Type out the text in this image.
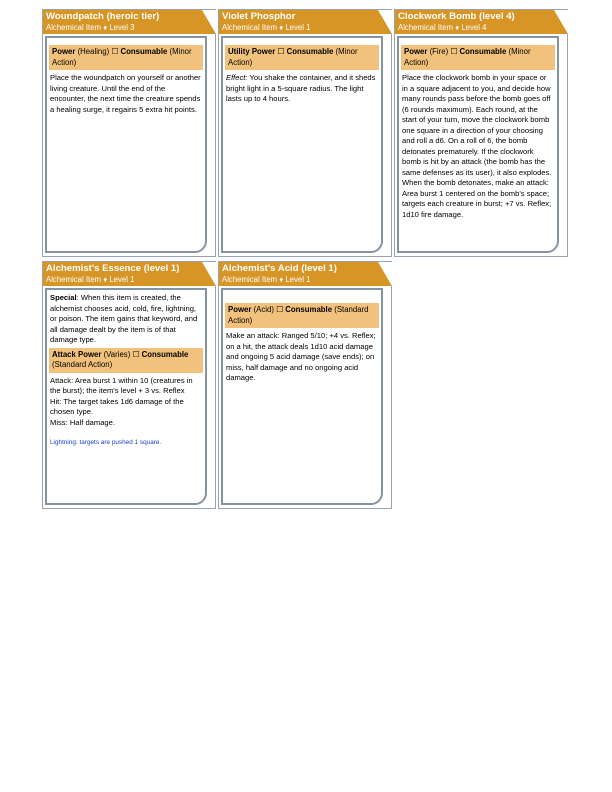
Woundpatch (heroic tier)
Alchemical Item ♦ Level 3
Power (Healing) ☐ Consumable (Minor Action)
Place the woundpatch on yourself or another living creature. Until the end of the encounter, the next time the creature spends a healing surge, it regains 5 extra hit points.
Violet Phosphor
Alchemical Item ♦ Level 1
Utility Power ☐ Consumable (Minor Action)
Effect: You shake the container, and it sheds bright light in a 5-square radius. The light lasts up to 4 hours.
Clockwork Bomb (level 4)
Alchemical Item ♦ Level 4
Power (Fire) ☐ Consumable (Minor Action)
Place the clockwork bomb in your space or in a square adjacent to you, and decide how many rounds pass before the bomb goes off (6 rounds maximum). Each round, at the start of your turn, move the clockwork bomb one square in a direction of your choosing and roll a d6. On a roll of 6, the bomb detonates prematurely. If the clockwork bomb is hit by an attack (the bomb has the same defenses as its user), it also explodes. When the bomb detonates, make an attack: Area burst 1 centered on the bomb's space; targets each creature in burst; +7 vs. Reflex; 1d10 fire damage.
Alchemist's Essence (level 1)
Alchemical Item ♦ Level 1
Special: When this item is created, the alchemist chooses acid, cold, fire, lightning, or poison. The item gains that keyword, and all damage dealt by the item is of that damage type.
Attack Power (Varies) ☐ Consumable (Standard Action)
Attack: Area burst 1 within 10 (creatures in the burst); the item's level + 3 vs. Reflex
Hit: The target takes 1d6 damage of the chosen type.
Miss: Half damage.
Lightning: targets are pushed 1 square.
Alchemist's Acid (level 1)
Alchemical Item ♦ Level 1
Power (Acid) ☐ Consumable (Standard Action)
Make an attack: Ranged 5/10; +4 vs. Reflex; on a hit, the attack deals 1d10 acid damage and ongoing 5 acid damage (save ends); on miss, half damage and no ongoing acid damage.
